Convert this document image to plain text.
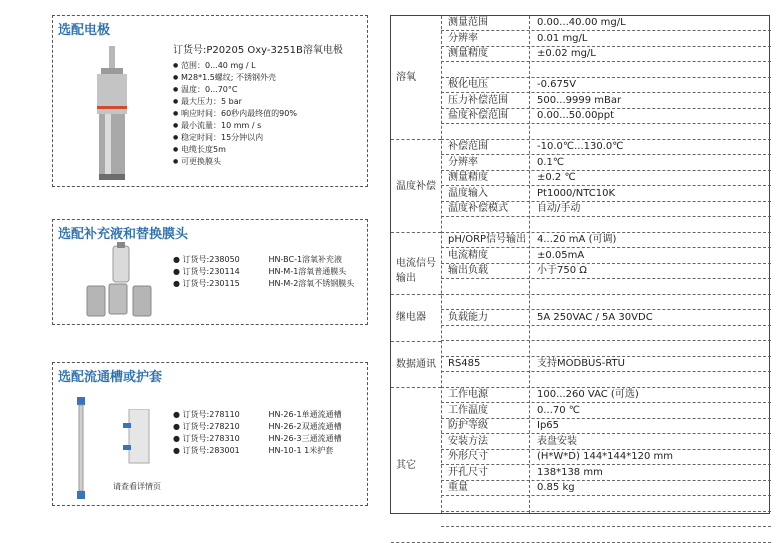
选配电极
订货号:P20205 Oxy-3251B溶氧电极
● 范围：0...40 mg / L
● M28*1.5螺纹; 不锈钢外壳
● 温度：0...70°C
● 最大压力：5 bar
● 响应时间：60秒内最终值的90%
● 最小流量：10 mm / s
● 稳定时间：15分钟以内
● 电缆长度5m
● 可更换膜头
选配补充液和替换膜头
● 订货号:238050	HN-BC-1溶氧补充液
● 订货号:230114	HN-M-1溶氧普通膜头
● 订货号:230115	HN-M-2溶氧不锈钢膜头
选配流通槽或护套
● 订货号:278110	HN-26-1单通流通槽
● 订货号:278210	HN-26-2双通流通槽
● 订货号:278310	HN-26-3三通流通槽
● 订货号:283001	HN-10-1 1米护套
请查看详情页
测量范围	0.00...40.00 mg/L
分辨率	0.01 mg/L
测量精度	±0.02 mg/L
极化电压	-0.675V
压力补偿范围	500...9999 mBar
盐度补偿范围	0.00...50.00ppt
溶氧
补偿范围	-10.0℃...130.0℃
分辨率	0.1℃
测量精度	±0.2 ℃
温度输入	Pt1000/NTC10K
温度补偿模式	自动/手动
温度补偿
pH/ORP信号输出 4...20 mA (可调)
电流精度	±0.05mA
输出负载	小于750 Ω
电流信号输出
负载能力	5A 250VAC / 5A 30VDC
继电器
RS485	支持MODBUS-RTU
数据通讯
工作电源	100...260 VAC (可选)
工作温度	0...70 ℃
防护等级	Ip65
安装方法	表盘安装
外形尺寸	(H*W*D) 144*144*120 mm
开孔尺寸	138*138 mm
重量	0.85 kg
其它
